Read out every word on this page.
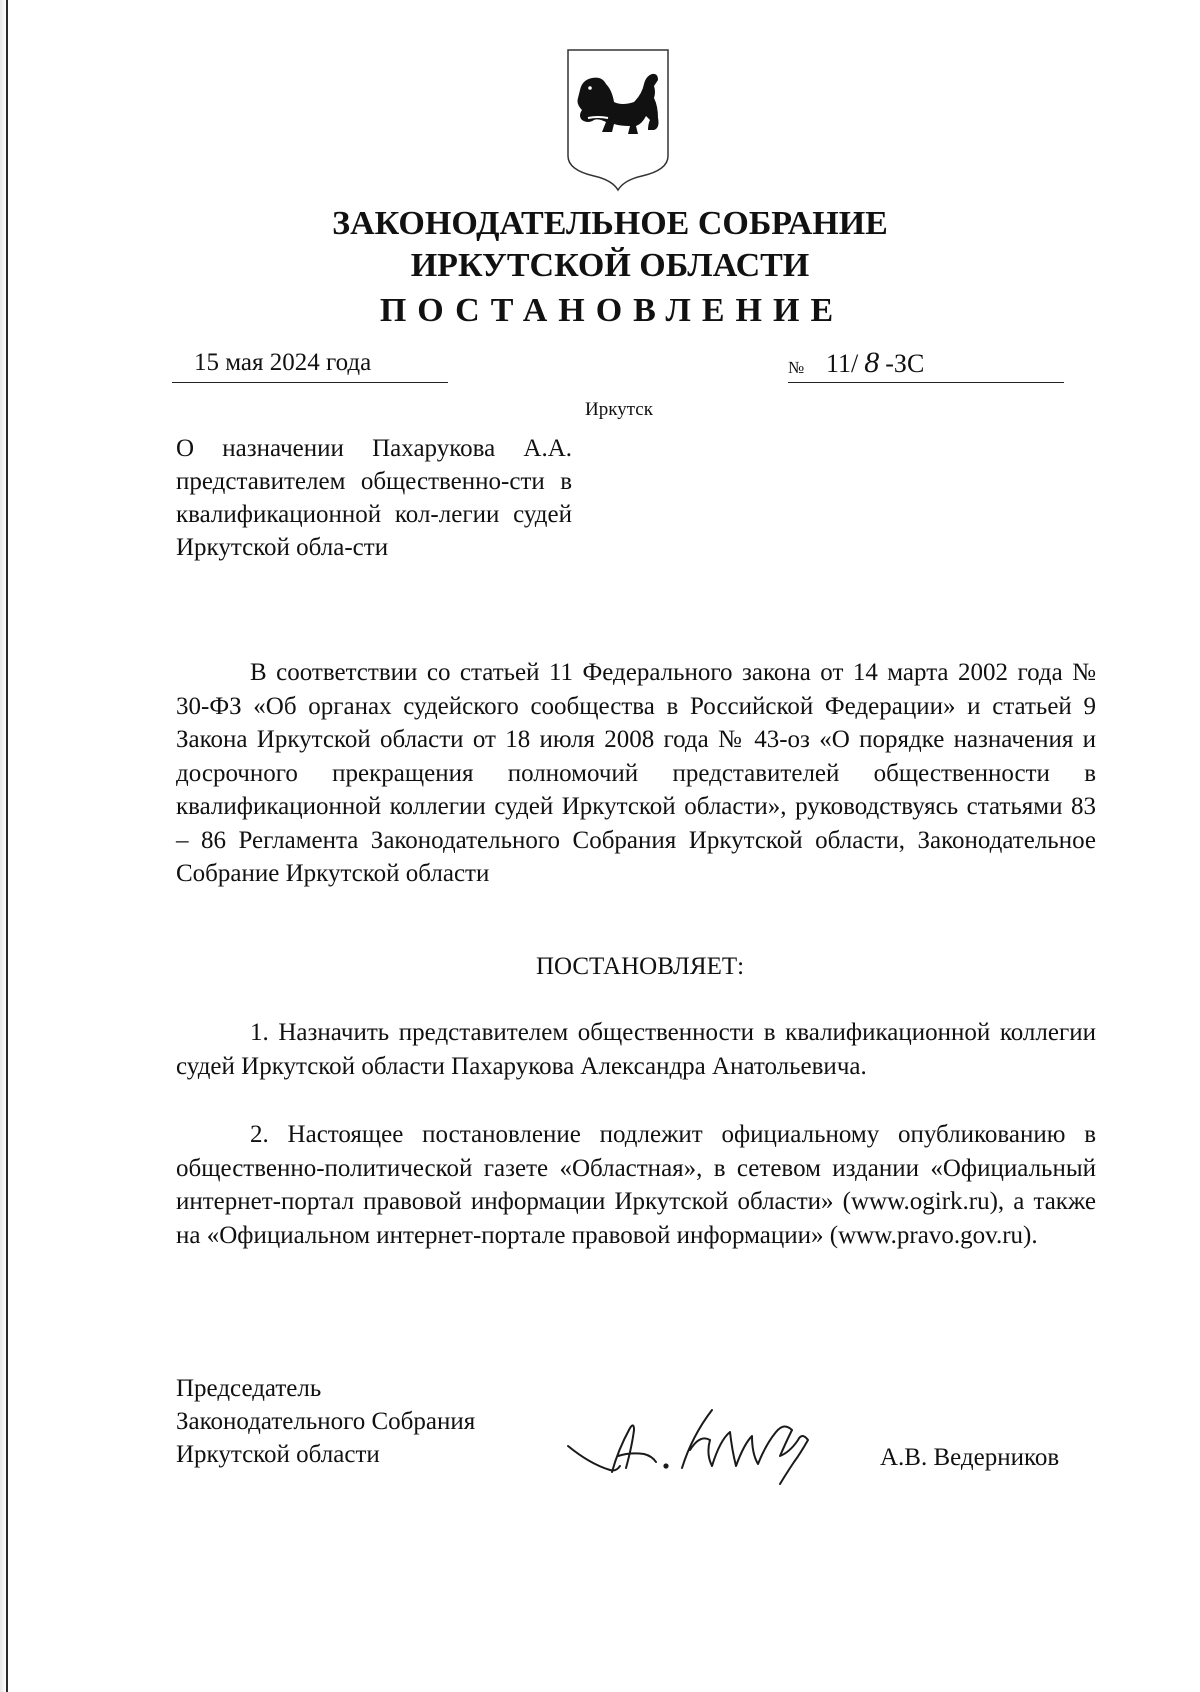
ЗАКОНОДАТЕЛЬНОЕ СОБРАНИЕ
ИРКУТСКОЙ ОБЛАСТИ
ПОСТАНОВЛЕНИЕ
15 мая 2024 года	№ 11/ 8 -ЗС
Иркутск

О назначении Пахарукова А.А. представителем общественно-сти в квалификационной кол-легии судей Иркутской обла-сти

В соответствии со статьей 11 Федерального закона от 14 марта 2002 года № 30-ФЗ «Об органах судейского сообщества в Российской Федерации» и статьей 9 Закона Иркутской области от 18 июля 2008 года № 43-оз «О порядке назначения и досрочного прекращения полномочий представителей общественности в квалификационной коллегии судей Иркутской области», руководствуясь статьями 83 – 86 Регламента Законодательного Собрания Иркутской области, Законодательное Собрание Иркутской области

ПОСТАНОВЛЯЕТ:

1. Назначить представителем общественности в квалификационной коллегии судей Иркутской области Пахарукова Александра Анатольевича.

2. Настоящее постановление подлежит официальному опубликованию в общественно-политической газете «Областная», в сетевом издании «Официальный интернет-портал правовой информации Иркутской области» (www.ogirk.ru), а также на «Официальном интернет-портале правовой информации» (www.pravo.gov.ru).

Председатель
Законодательного Собрания
Иркутской области	А.В. Ведерников
